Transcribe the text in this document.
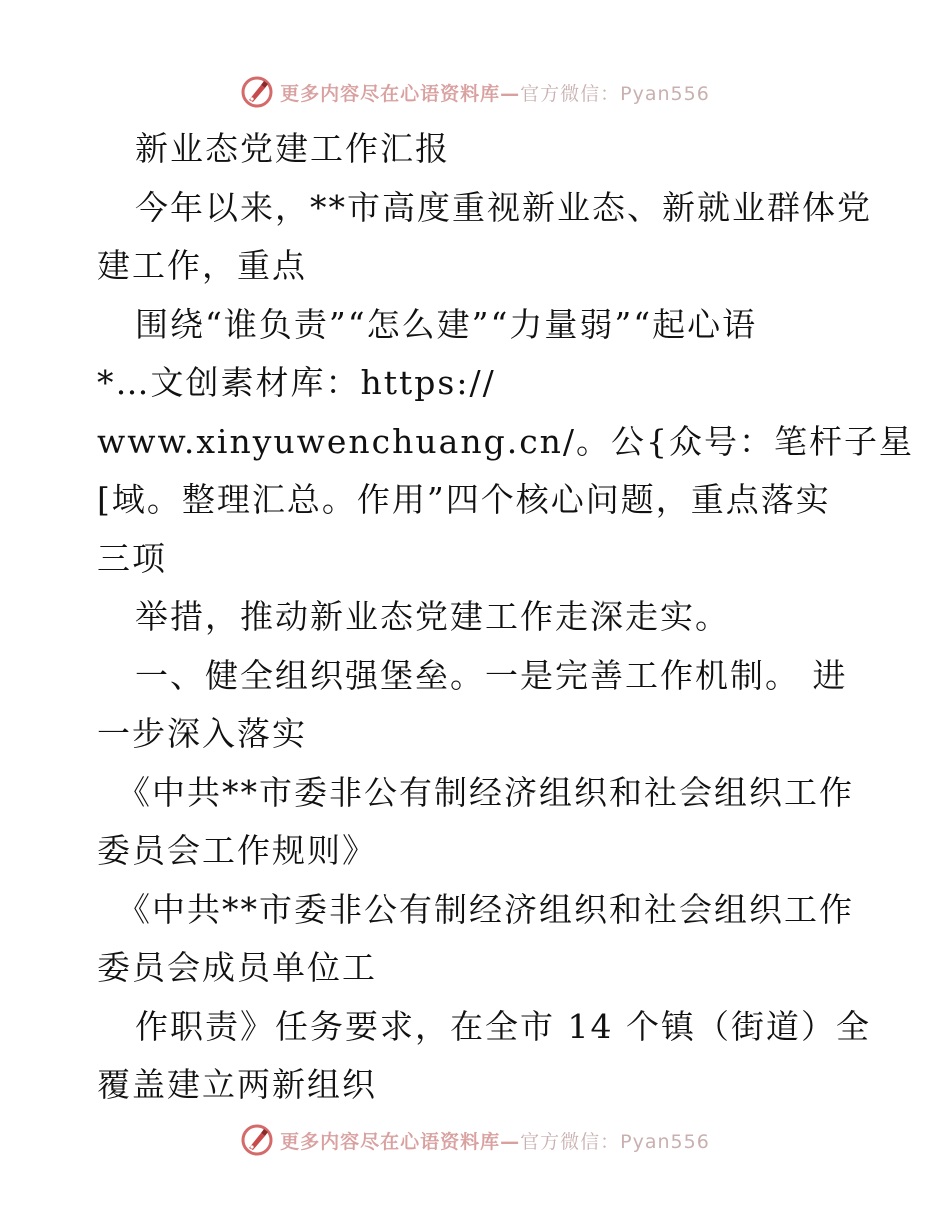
更多内容尽在心语资料库—官方微信：Pyan556
新业态党建工作汇报
今年以来，**市高度重视新业态、新就业群体党
建工作，重点
围绕“谁负责”“怎么建”“力量弱”“起心语
*…文创素材库：https://
www.xinyuwenchuang.cn/。公{众号：笔杆子星
[域。整理汇总。作用”四个核心问题，重点落实
三项
举措，推动新业态党建工作走深走实。
一、健全组织强堡垒。一是完善工作机制。 进
一步深入落实
《中共**市委非公有制经济组织和社会组织工作
委员会工作规则》
《中共**市委非公有制经济组织和社会组织工作
委员会成员单位工
作职责》任务要求，在全市 14 个镇（街道）全
覆盖建立两新组织
更多内容尽在心语资料库—官方微信：Pyan556
